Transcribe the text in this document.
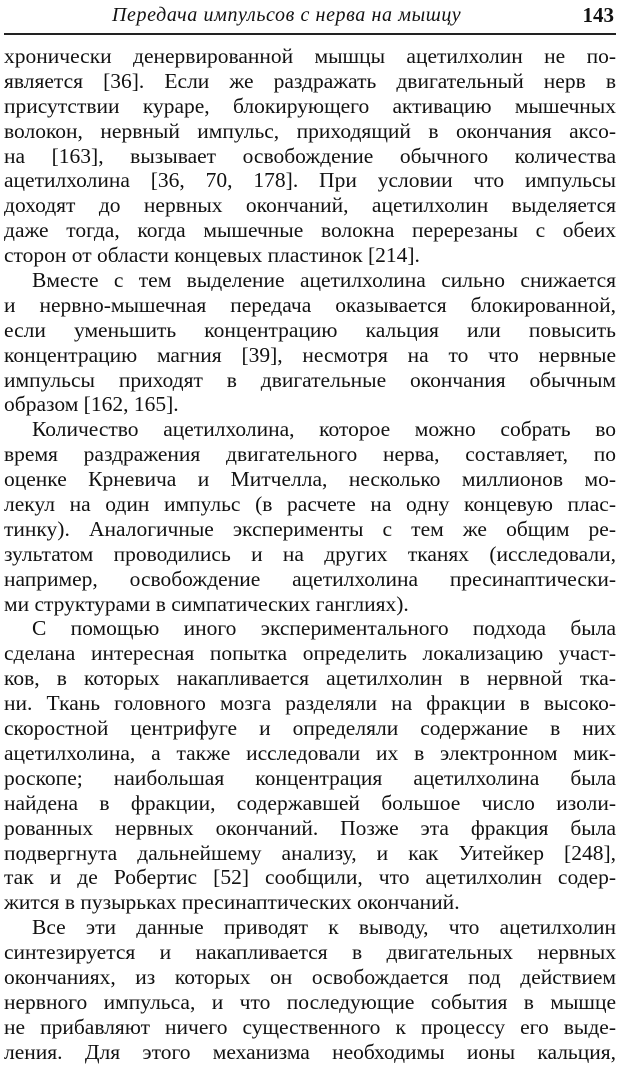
Передача импульсов с нерва на мышцу	143
хронически денервированной мышцы ацетилхолин не по-
является [36]. Если же раздражать двигательный нерв в
присутствии кураре, блокирующего активацию мышечных
волокон, нервный импульс, приходящий в окончания аксо-
на [163], вызывает освобождение обычного количества
ацетилхолина [36, 70, 178]. При условии что импульсы
доходят до нервных окончаний, ацетилхолин выделяется
даже тогда, когда мышечные волокна перерезаны с обеих
сторон от области концевых пластинок [214].
Вместе с тем выделение ацетилхолина сильно снижается
и нервно-мышечная передача оказывается блокированной,
если уменьшить концентрацию кальция или повысить
концентрацию магния [39], несмотря на то что нервные
импульсы приходят в двигательные окончания обычным
образом [162, 165].
Количество ацетилхолина, которое можно собрать во
время раздражения двигательного нерва, составляет, по
оценке Крневича и Митчелла, несколько миллионов мо-
лекул на один импульс (в расчете на одну концевую плас-
тинку). Аналогичные эксперименты с тем же общим ре-
зультатом проводились и на других тканях (исследовали,
например, освобождение ацетилхолина пресинаптически-
ми структурами в симпатических ганглиях).
С помощью иного экспериментального подхода была
сделана интересная попытка определить локализацию участ-
ков, в которых накапливается ацетилхолин в нервной тка-
ни. Ткань головного мозга разделяли на фракции в высоко-
скоростной центрифуге и определяли содержание в них
ацетилхолина, а также исследовали их в электронном мик-
роскопе; наибольшая концентрация ацетилхолина была
найдена в фракции, содержавшей большое число изоли-
рованных нервных окончаний. Позже эта фракция была
подвергнута дальнейшему анализу, и как Уитейкер [248],
так и де Робертис [52] сообщили, что ацетилхолин содер-
жится в пузырьках пресинаптических окончаний.
Все эти данные приводят к выводу, что ацетилхолин
синтезируется и накапливается в двигательных нервных
окончаниях, из которых он освобождается под действием
нервного импульса, и что последующие события в мышце
не прибавляют ничего существенного к процессу его выде-
ления. Для этого механизма необходимы ионы кальция,
